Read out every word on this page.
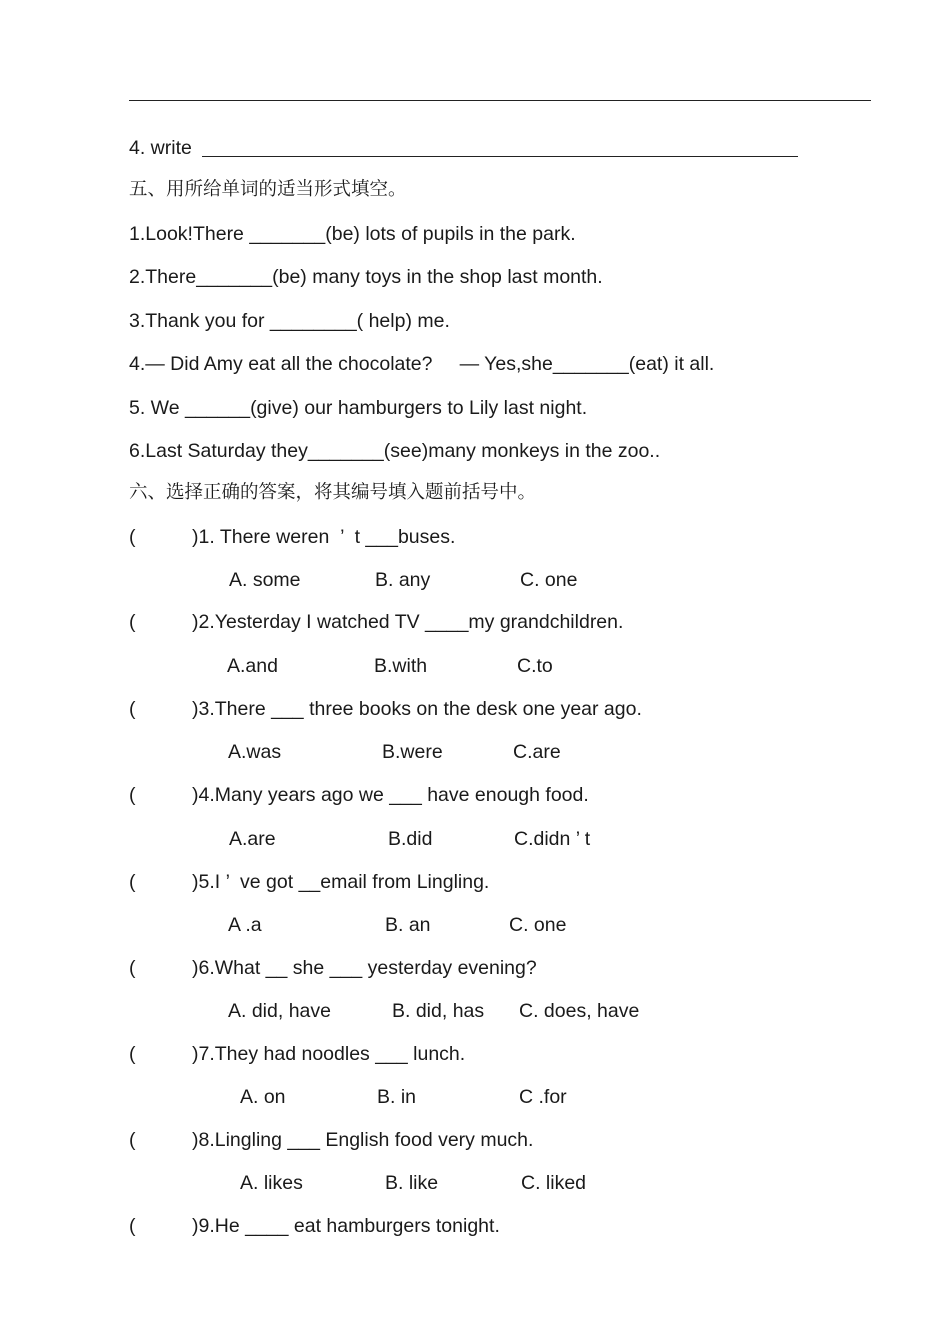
4. write
五、用所给单词的适当形式填空。
1.Look!There _______(be) lots of pupils in the park.
2.There_______(be) many toys in the shop last month.
3.Thank you for ________( help) me.
4.— Did Amy eat all the chocolate?     — Yes,she_______(eat) it all.
5. We ______(give) our hamburgers to Lily last night.
6.Last Saturday they_______(see)many monkeys in the zoo..
六、选择正确的答案，将其编号填入题前括号中。
(	)1. There weren  ’  t ___buses.
A. some	B. any	C. one
(	)2.Yesterday I watched TV ____my grandchildren.
A.and	B.with	C.to
(	)3.There ___ three books on the desk one year ago.
A.was	B.were	C.are
(	)4.Many years ago we ___ have enough food.
A.are	B.did	C.didn ’ t
(	)5.I ’  ve got __email from Lingling.
A .a	B. an	C. one
(	)6.What __ she ___ yesterday evening?
A. did, have	B. did, has C. does, have
(	)7.They had noodles ___ lunch.
A. on	B. in	C .for
(	)8.Lingling ___ English food very much.
A. likes	B. like	C. liked
(	)9.He ____ eat hamburgers tonight.
